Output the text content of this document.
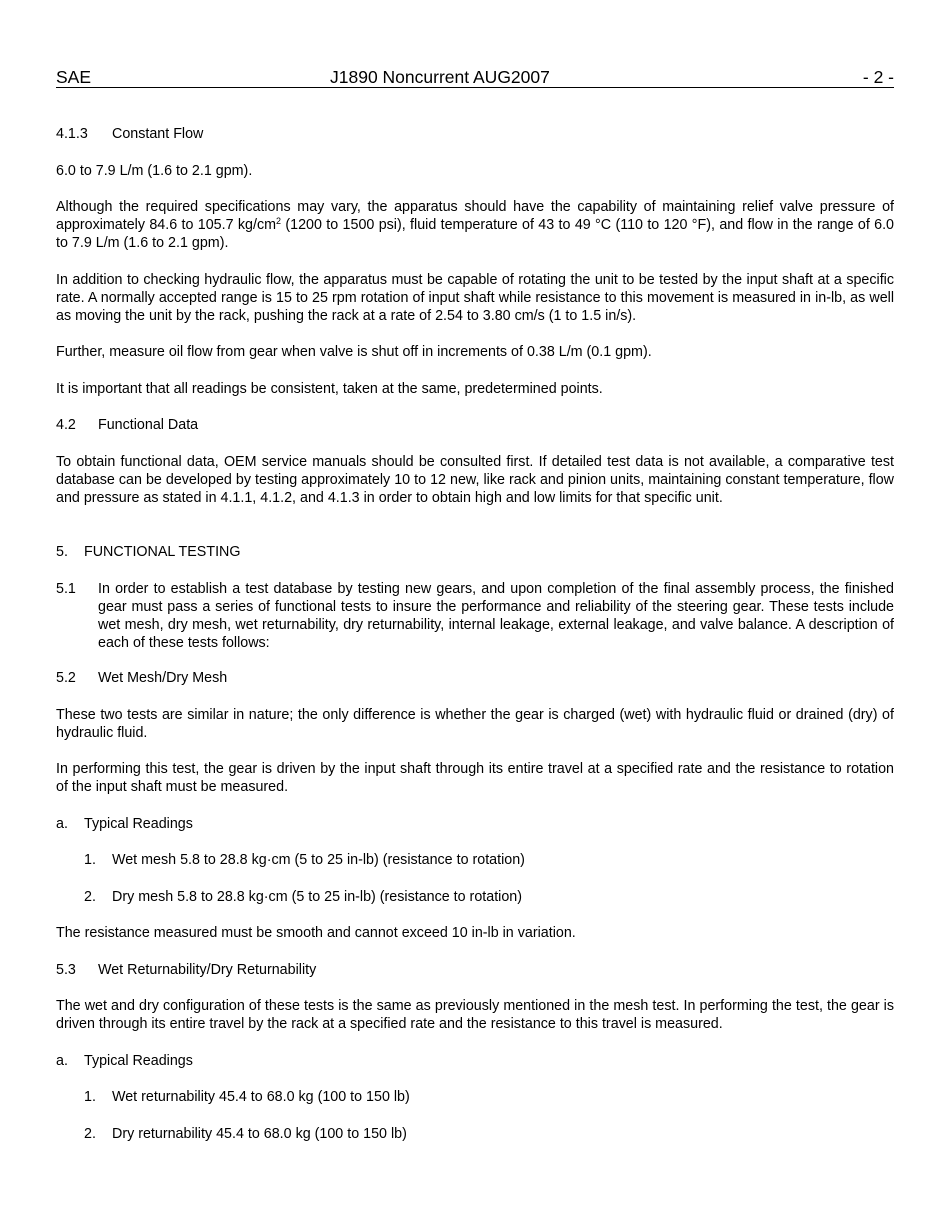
SAE	J1890 Noncurrent AUG2007	- 2 -
4.1.3 Constant Flow

6.0 to 7.9 L/m (1.6 to 2.1 gpm).

Although the required specifications may vary, the apparatus should have the capability of maintaining relief valve pressure of approximately 84.6 to 105.7 $kg/cm^2$ (1200 to 1500 psi), fluid temperature of 43 to 49 °C (110 to 120 °F), and flow in the range of 6.0 to 7.9 L/m (1.6 to 2.1 gpm).

In addition to checking hydraulic flow, the apparatus must be capable of rotating the unit to be tested by the input shaft at a specific rate. A normally accepted range is 15 to 25 rpm rotation of input shaft while resistance to this movement is measured in in-lb, as well as moving the unit by the rack, pushing the rack at a rate of 2.54 to 3.80 cm/s (1 to 1.5 in/s).

Further, measure oil flow from gear when valve is shut off in increments of 0.38 L/m (0.1 gpm).

It is important that all readings be consistent, taken at the same, predetermined points.

4.2 Functional Data

To obtain functional data, OEM service manuals should be consulted first. If detailed test data is not available, a comparative test database can be developed by testing approximately 10 to 12 new, like rack and pinion units, maintaining constant temperature, flow and pressure as stated in 4.1.1, 4.1.2, and 4.1.3 in order to obtain high and low limits for that specific unit.

5. FUNCTIONAL TESTING
5.1 In order to establish a test database by testing new gears, and upon completion of the final assembly process, the finished gear must pass a series of functional tests to insure the performance and reliability of the steering gear. These tests include wet mesh, dry mesh, wet returnability, dry returnability, internal leakage, external leakage, and valve balance. A description of each of these tests follows:
5.2 Wet Mesh/Dry Mesh

These two tests are similar in nature; the only difference is whether the gear is charged (wet) with hydraulic fluid or drained (dry) of hydraulic fluid.

In performing this test, the gear is driven by the input shaft through its entire travel at a specified rate and the resistance to rotation of the input shaft must be measured.

a. Typical Readings
1. Wet mesh 5.8 to 28.8 kg·cm (5 to 25 in-lb) (resistance to rotation)
2. Dry mesh 5.8 to 28.8 kg·cm (5 to 25 in-lb) (resistance to rotation)

The resistance measured must be smooth and cannot exceed 10 in-lb in variation.

5.3 Wet Returnability/Dry Returnability

The wet and dry configuration of these tests is the same as previously mentioned in the mesh test. In performing the test, the gear is driven through its entire travel by the rack at a specified rate and the resistance to this travel is measured.

a. Typical Readings
1. Wet returnability 45.4 to 68.0 kg (100 to 150 lb)
2. Dry returnability 45.4 to 68.0 kg (100 to 150 lb)
